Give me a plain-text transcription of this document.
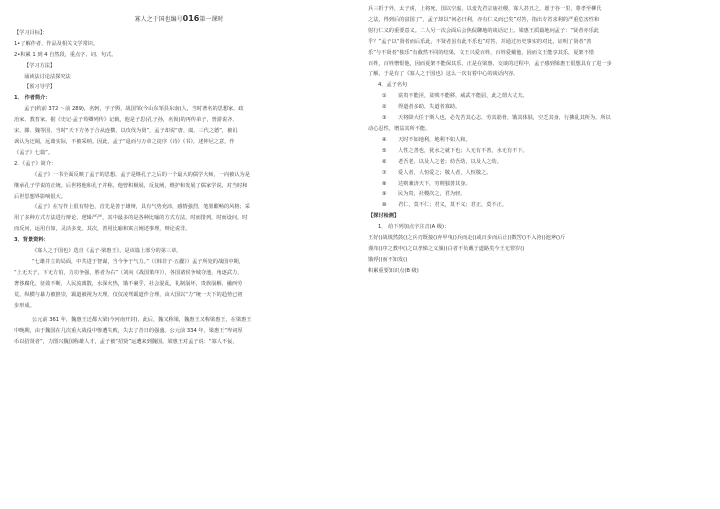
寡人之于国也编号016第一课时
【学习目标】：
1•了解作者、作品及相关文学常识。
2•积累 1 到 4 自然段，重点字、词、句式。
【学习方法】
诵读法讨论法探究法
【预习导学】
1． 作者简介：
孟子(约前 372 ～前 289)，名轲，字子舆，战国邹(今山东邹县东南)人，当时著名的思想家、政
治家、教育家。据《史记·孟子荀卿列传》记载，他是子思(孔子孙，名伋)的再传弟子，曾游说齐、
宋、滕、魏等国，当时“天下方务于合从连横，以攻伐为贤”，孟子却说“唐、虞、三代之德”，被讥
讽认为迂阔，远离实际，不被采纳。因此，孟子“退而与万章之徒序《诗》《书》，述仲尼之意，作
《孟子》七篇”。
2．《孟子》简介：
《孟子》一书全面反映了孟子的思想。孟子是继孔子之后的一个最大的儒学大师，一向被认为是
继承孔子学说的正统。后世将他和孔子并称，他曾积极展，反复阐，维护和发展了儒家学说，对当时和
后世思想界影响很大。
《孟子》在写作上很有特色，首先是善于雄辩，具有气势充沛，感情强烈，笔墨酣畅的风格；采
用了多种方式方法进行辩论，逻辑严严，其中最多的是各种比喻的方式方法，时而排列，时而设问，时
而反问，运用自如，灵活多变。其次，善用比喻和寓言阐述事理，辩论说非。
3．背景资料：
《寡人之于国也》选自《孟子·梁惠王》，是该篇上部分的第三章。
“七雄并立的局面，中共进于智谋，当今争于气力。”（《韩非子·五蠹》）孟子所处的战国中期，
“上无天子，下无方伯，力功争强，胜者为右”（刘向《战国策序》），各国诸侯争城夺池，角逐武力，
奢侈腐化，征敛不断，人民流离散，水深火热，饿不裹乎，社会混乱，礼制崩坏，贵族崩解，融西劳
荒。纵横与暴力被推崇，霸道被视为天理，仅仅凌驾霸道作合理，由大国以“力”统一天下的趋势已初
步形成。
公元前 361 年，魏惠王迁都大梁(今河南开封)，此后，魏又称梁，魏惠王又称梁惠王，在梁惠王
中晚期，由于魏国在几次重大战役中惨遭失败，失去了昔日的强盛。公元前 334 年，梁惠王“卑词厚
币以招贤者”，力图兴魏国称雄人才，孟子被“招贤”运遭来到魏国。梁惠王对孟子说：“寡人不佞，
兵三折于外，太子虏，上将死，国以空虚，以羞先君宗庙社稷，寡人甚丑之，愿于谷一里，尊孝至柳氏
之法，得到后的富国了”，孟子却以“何必曰利，亦有仁义而已矣”对答，指出专省求利的严重危害性和
射行仁义的重要意义。二人另一次会面后会焦侃聊地的谈话记上。梁惠王质篇地问孟子：“贤者亦乐此
乎？”孟子以“贤者而后乐此，不贤者虽有此不乐也”对答，并通过历史事实的对比，证明了贤者“善
乐”与不贤者“独乐”有截然不同的结果，文王兴爱百姓，百姓爱戴他，因而文王能享其乐，夏架不惜
百姓，百姓憎恨他，因而夏架不能保其乐，正是在梁惠、交谈的过程中，孟子感到梁惠王很想具有了进一步
了解，于是有了《寡人之于国也》这么一次有着中心的谈话内容。
4．孟子名句
①	富贵不能淫，贫贱不能移，威武不能屈，此之谓大丈夫。
②	得道者多助，失道者寡助。
③	天将降大任于斯人也，必先苦其心志，劳其筋骨，饿其体肤，空乏其身，行拂乱其所为，所以
动心忍性，增益其所不能。
④	天时不如地利，地利不如人和。
⑤	人性之善也，犹水之就下也；人无有不善，水无有不下。
⑥	老吾老，以及人之老；幼吾幼，以及人之幼。
⑦	爱人者，人恒爱之；敬人者，人恒敬之。
⑧	达则兼济天下，穷则独善其身。
⑨	民为贵，社稷次之，君为轻。
⑩	君仁，莫不仁；君义，莫不义；君正，莫不正。
【探讨检测】
1． 给下列加点字注音(A 级)：
王好()战填然鼓()之兵刃既接()弃甲曳()兵而走()或百步而后止()数罟()不入洿()池斧()斤
谨庠()序之教申()之以孝悌之义颁()白者不负戴于道路矣今王无罪岁()
饿殍()而不知发()
积累重要知识点(B 级)
